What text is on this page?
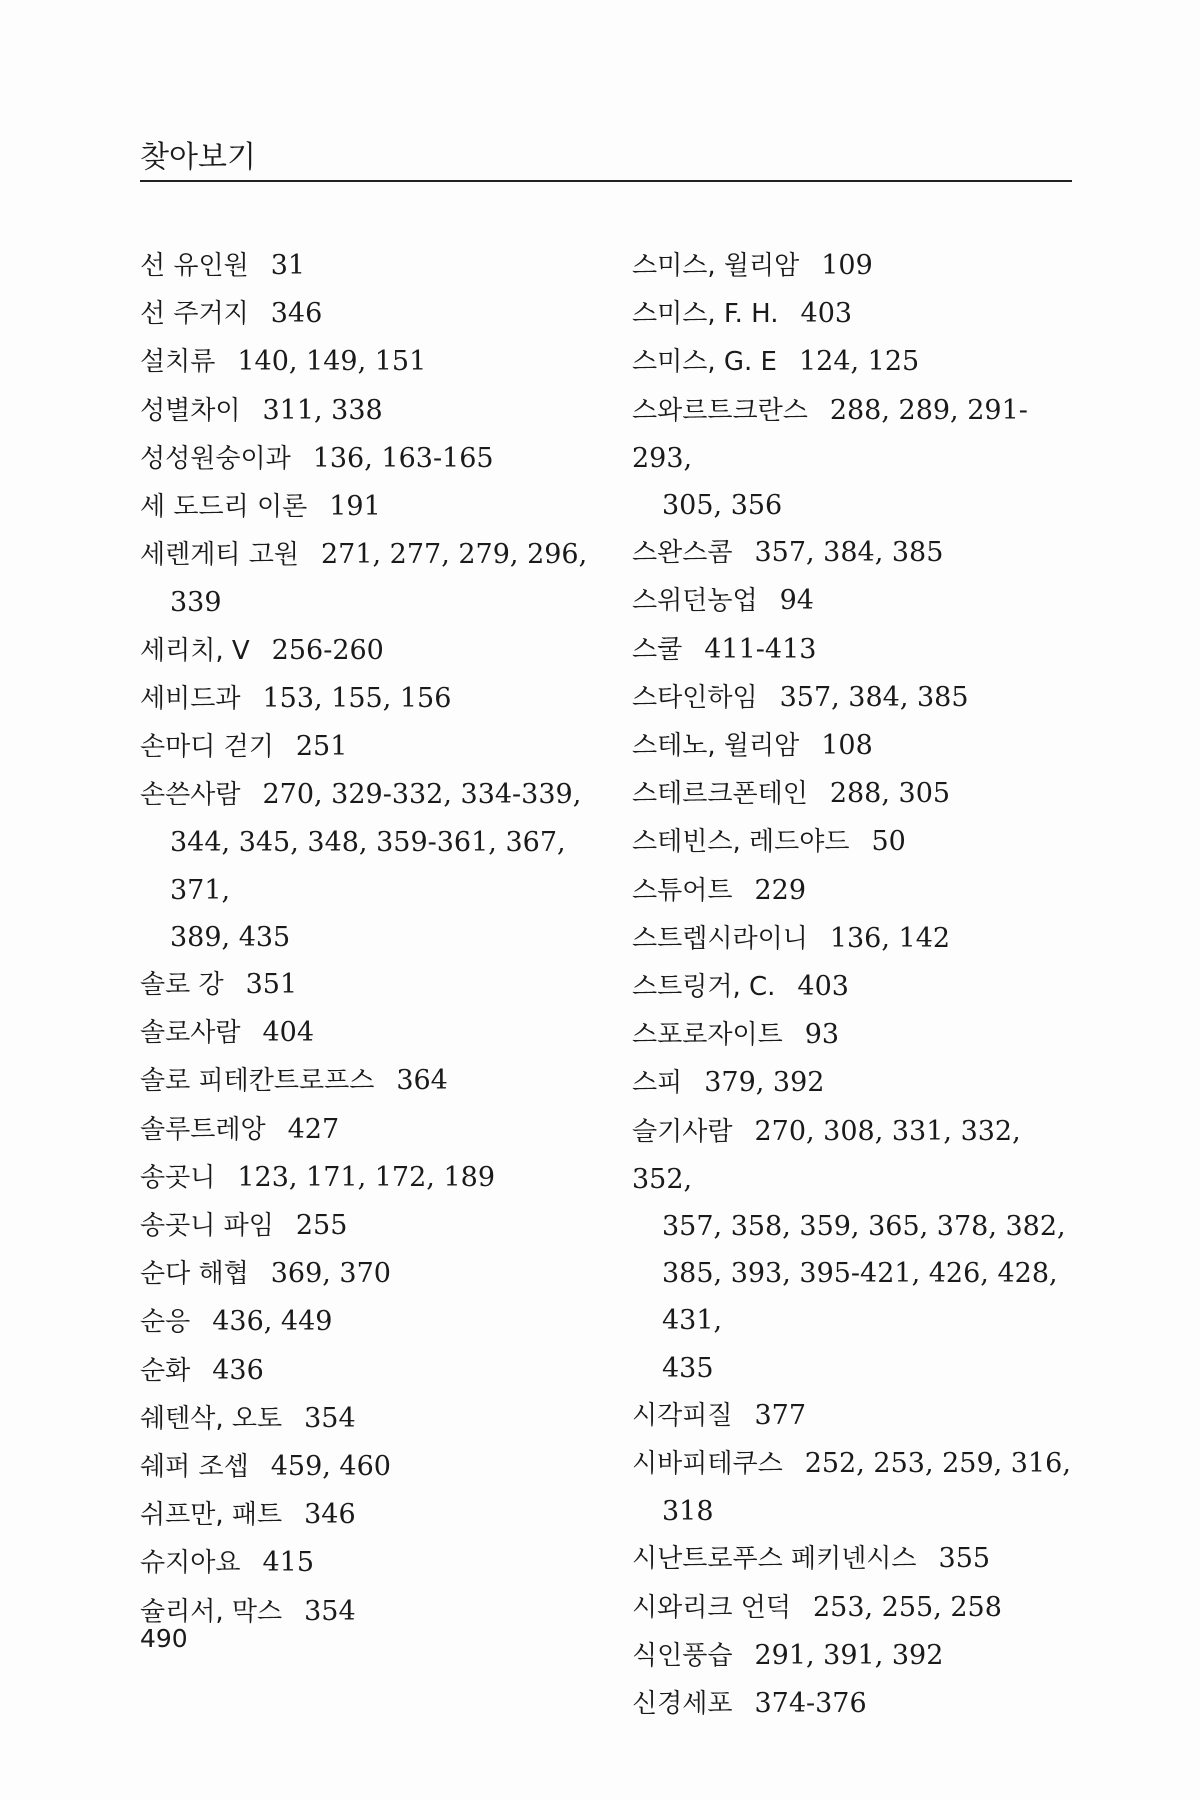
찾아보기
선 유인원 31
선 주거지 346
설치류 140, 149, 151
성별차이 311, 338
성성원숭이과 136, 163-165
세 도드리 이론 191
세렌게티 고원 271, 277, 279, 296,
339
세리치, V 256-260
세비드과 153, 155, 156
손마디 걷기 251
손쓴사람 270, 329-332, 334-339,
344, 345, 348, 359-361, 367, 371,
389, 435
솔로 강 351
솔로사람 404
솔로 피테칸트로프스 364
솔루트레앙 427
송곳니 123, 171, 172, 189
송곳니 파임 255
순다 해협 369, 370
순응 436, 449
순화 436
쉐텐삭, 오토 354
쉐퍼 조셉 459, 460
쉬프만, 패트 346
슈지아요 415
슐리서, 막스 354
스미스, 윌리암 109
스미스, F. H. 403
스미스, G. E 124, 125
스와르트크란스 288, 289, 291-293,
305, 356
스완스콤 357, 384, 385
스위던농업 94
스쿨 411-413
스타인하임 357, 384, 385
스테노, 윌리암 108
스테르크폰테인 288, 305
스테빈스, 레드야드 50
스튜어트 229
스트렙시라이니 136, 142
스트링거, C. 403
스포로자이트 93
스피 379, 392
슬기사람 270, 308, 331, 332, 352,
357, 358, 359, 365, 378, 382,
385, 393, 395-421, 426, 428, 431,
435
시각피질 377
시바피테쿠스 252, 253, 259, 316,
318
시난트로푸스 페키넨시스 355
시와리크 언덕 253, 255, 258
식인풍습 291, 391, 392
신경세포 374-376
490
